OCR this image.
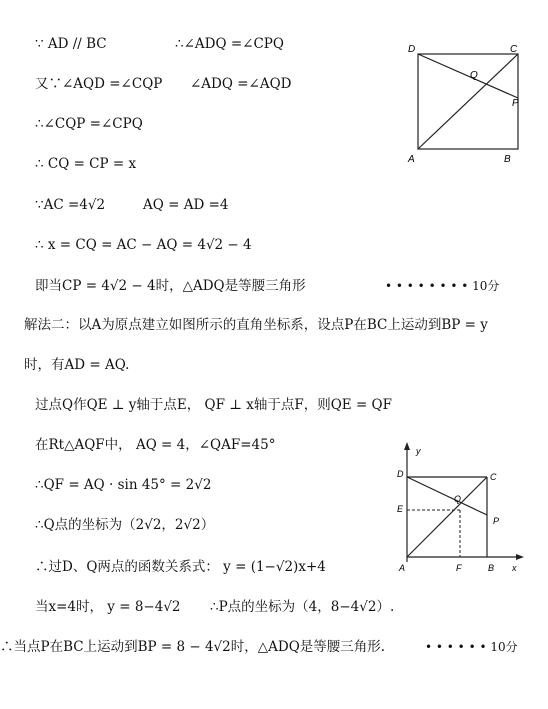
∵ AD // BC	∴∠ADQ =∠CPQ
又∵∠AQD =∠CQP ∠ADQ =∠AQD
∴∠CQP =∠CPQ
∴ CQ = CP = x
∵AC =4√2	AQ = AD =4
∴ x = CQ = AC − AQ = 4√2 − 4
即当CP = 4√2 − 4时，△ADQ是等腰三角形	• • • • • • • • 10分
解法二：以A为原点建立如图所示的直角坐标系，设点P在BC上运动到BP = y
时，有AD = AQ.
过点Q作QE ⊥ y轴于点E， QF ⊥ x轴于点F，则QE = QF
在Rt△AQF中， AQ = 4，∠QAF=45°
∴QF = AQ · sin 45° = 2√2
∴Q点的坐标为（2√2，2√2）
∴过D、Q两点的函数关系式： y = (1−√2)x+4
当x=4时， y = 8−4√2 ∴P点的坐标为（4，8−4√2）.
∴当点P在BC上运动到BP = 8 − 4√2时，△ADQ是等腰三角形.	• • • • • • 10分
D	C
Q
P
A	B
y
D	C
E
Q
P
A	F	B x
